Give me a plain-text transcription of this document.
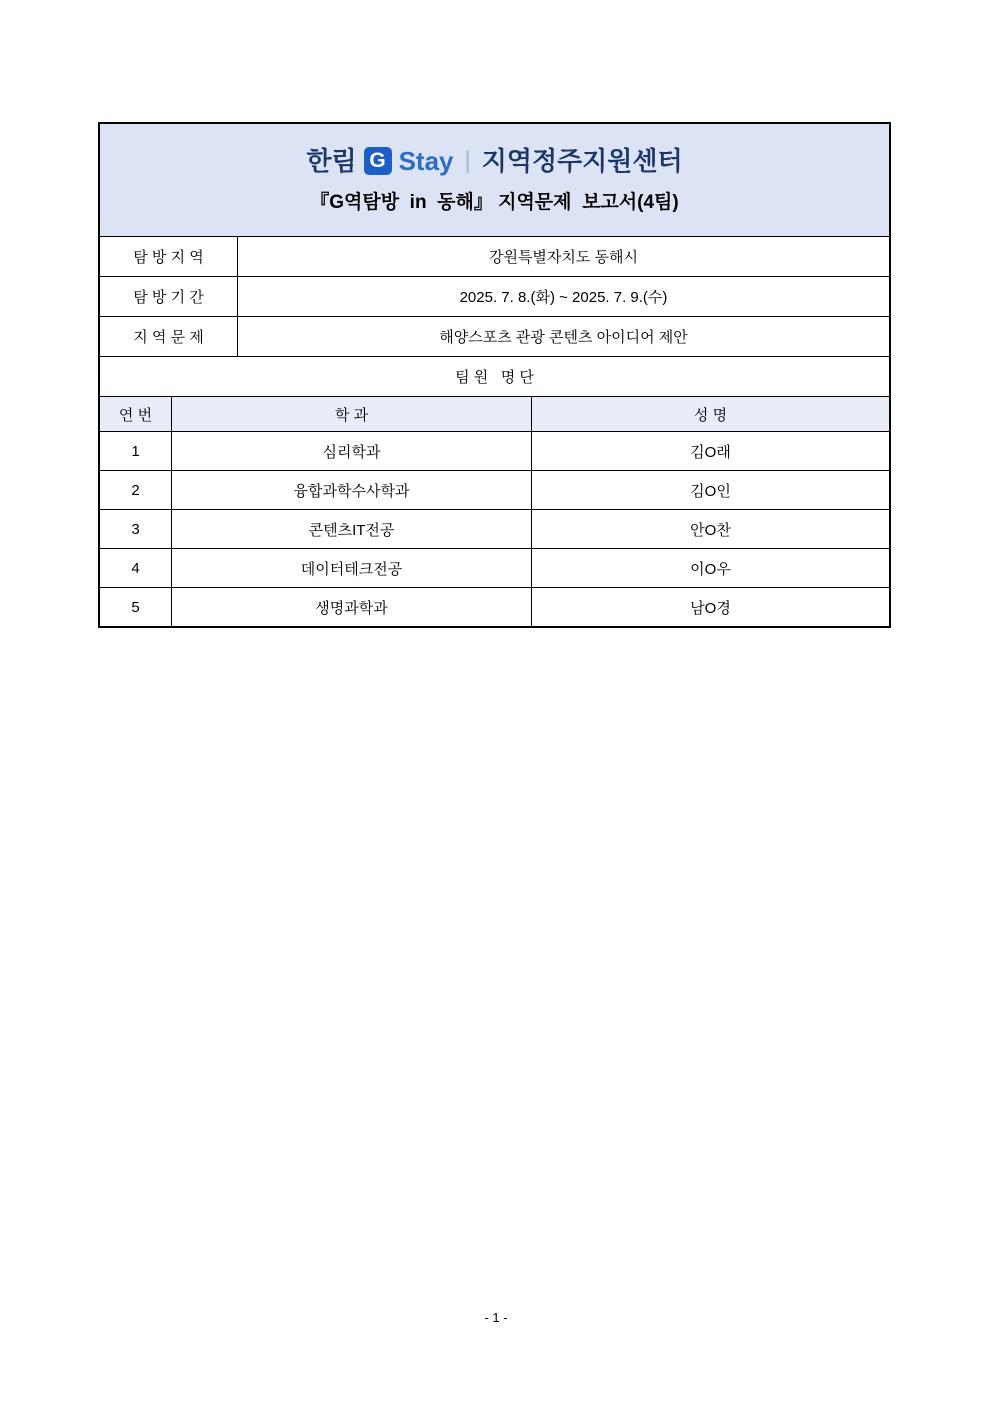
한림 G Stay | 지역정주지원센터
『G역탐방  in  동해』 지역문제  보고서(4팀)
탐 방 지 역	강원특별자치도 동해시
탐 방 기 간	2025. 7. 8.(화) ~ 2025. 7. 9.(수)
지 역 문 제	해양스포츠 관광 콘텐츠 아이디어 제안
팀 원   명 단
연 번	학 과	성 명
1	심리학과	김O래
2	융합과학수사학과	김O인
3	콘텐츠IT전공	안O찬
4	데이터테크전공	이O우
5	생명과학과	남O경
- 1 -
